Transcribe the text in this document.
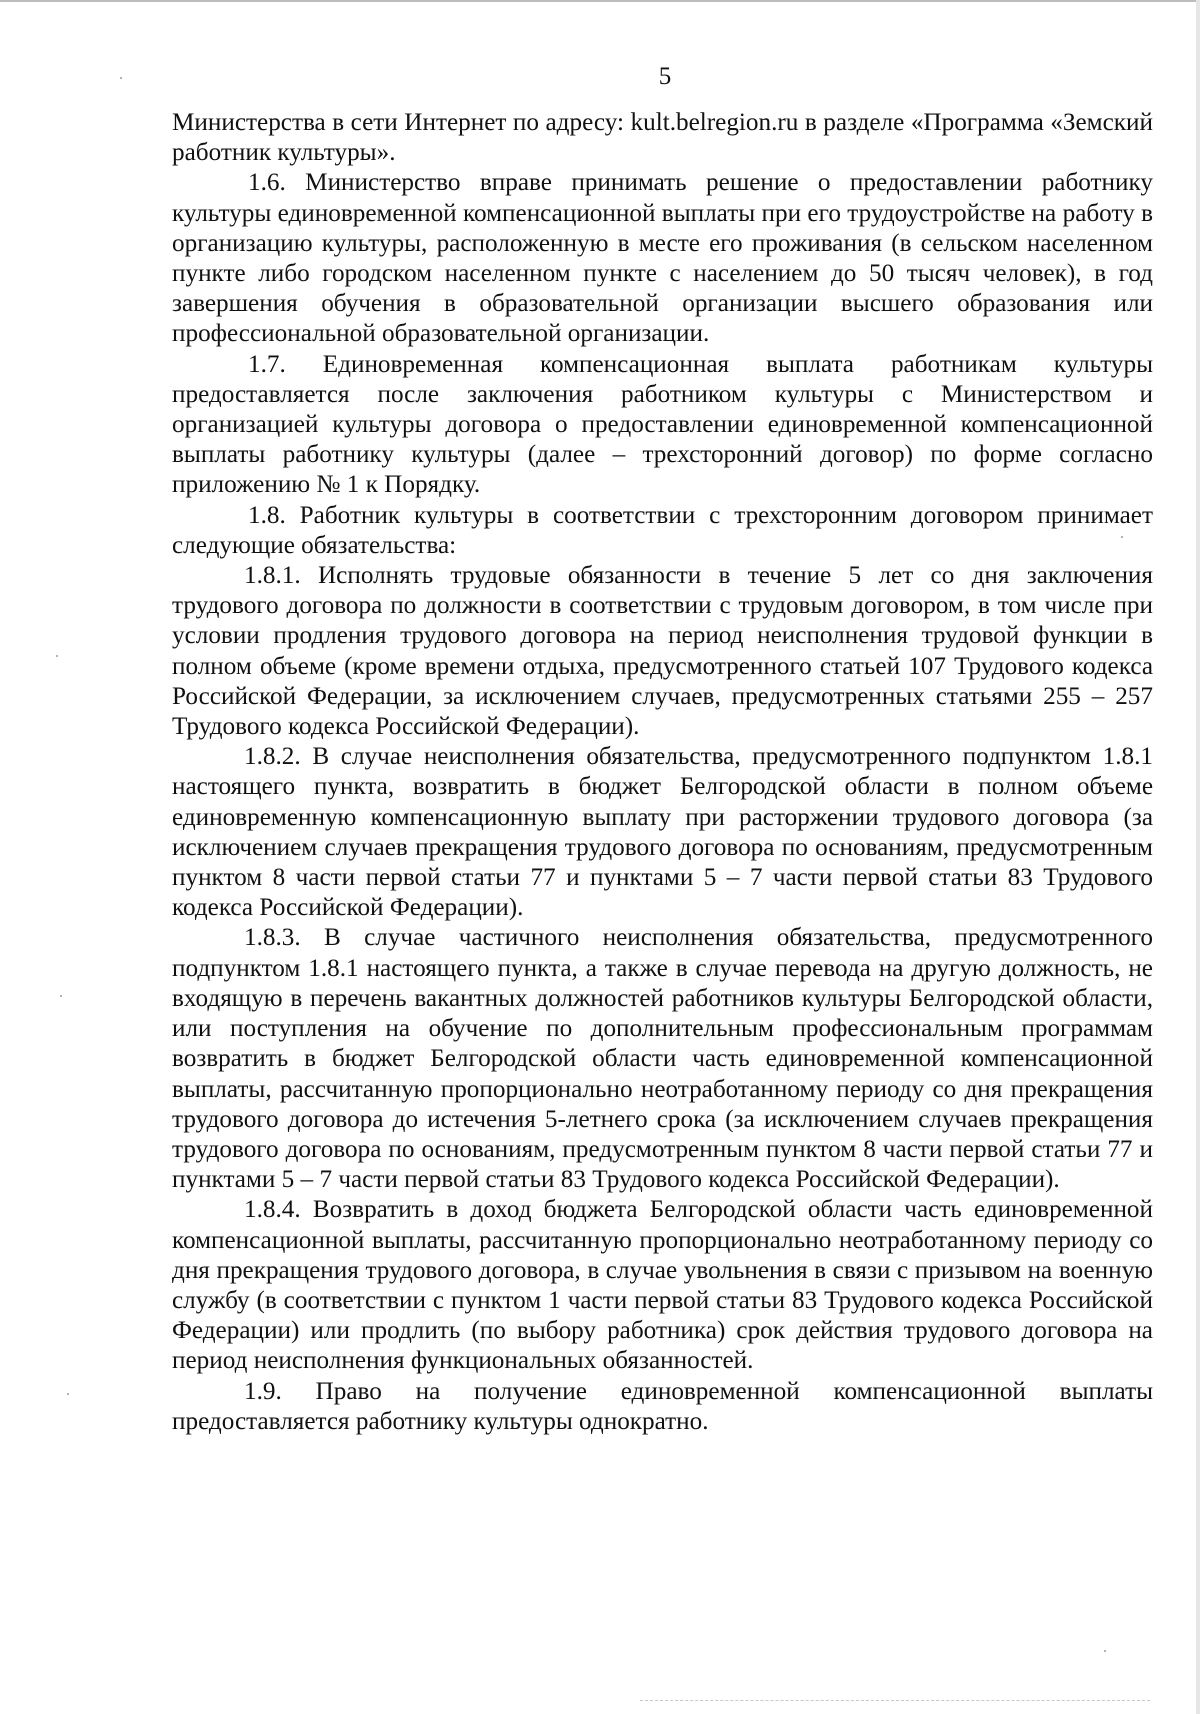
5

Министерства в сети Интернет по адресу: kult.belregion.ru в разделе «Программа «Земский работник культуры».

1.6. Министерство вправе принимать решение о предоставлении работнику культуры единовременной компенсационной выплаты при его трудоустройстве на работу в организацию культуры, расположенную в месте его проживания (в сельском населенном пункте либо городском населенном пункте с населением до 50 тысяч человек), в год завершения обучения в образовательной организации высшего образования или профессиональной образовательной организации.

1.7. Единовременная компенсационная выплата работникам культуры предоставляется после заключения работником культуры с Министерством и организацией культуры договора о предоставлении единовременной компенсационной выплаты работнику культуры (далее – трехсторонний договор) по форме согласно приложению № 1 к Порядку.

1.8. Работник культуры в соответствии с трехсторонним договором принимает следующие обязательства:

1.8.1. Исполнять трудовые обязанности в течение 5 лет со дня заключения трудового договора по должности в соответствии с трудовым договором, в том числе при условии продления трудового договора на период неисполнения трудовой функции в полном объеме (кроме времени отдыха, предусмотренного статьей 107 Трудового кодекса Российской Федерации, за исключением случаев, предусмотренных статьями 255 – 257 Трудового кодекса Российской Федерации).

1.8.2. В случае неисполнения обязательства, предусмотренного подпунктом 1.8.1 настоящего пункта, возвратить в бюджет Белгородской области в полном объеме единовременную компенсационную выплату при расторжении трудового договора (за исключением случаев прекращения трудового договора по основаниям, предусмотренным пунктом 8 части первой статьи 77 и пунктами 5 – 7 части первой статьи 83 Трудового кодекса Российской Федерации).

1.8.3. В случае частичного неисполнения обязательства, предусмотренного подпунктом 1.8.1 настоящего пункта, а также в случае перевода на другую должность, не входящую в перечень вакантных должностей работников культуры Белгородской области, или поступления на обучение по дополнительным профессиональным программам возвратить в бюджет Белгородской области часть единовременной компенсационной выплаты, рассчитанную пропорционально неотработанному периоду со дня прекращения трудового договора до истечения 5-летнего срока (за исключением случаев прекращения трудового договора по основаниям, предусмотренным пунктом 8 части первой статьи 77 и пунктами 5 – 7 части первой статьи 83 Трудового кодекса Российской Федерации).

1.8.4. Возвратить в доход бюджета Белгородской области часть единовременной компенсационной выплаты, рассчитанную пропорционально неотработанному периоду со дня прекращения трудового договора, в случае увольнения в связи с призывом на военную службу (в соответствии с пунктом 1 части первой статьи 83 Трудового кодекса Российской Федерации) или продлить (по выбору работника) срок действия трудового договора на период неисполнения функциональных обязанностей.

1.9. Право на получение единовременной компенсационной выплаты предоставляется работнику культуры однократно.
